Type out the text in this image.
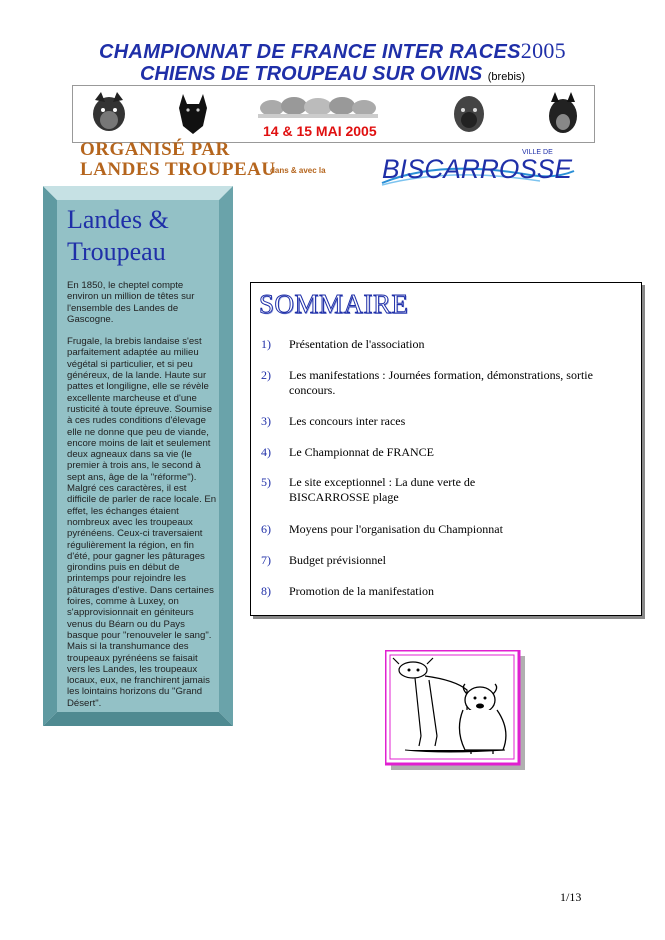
CHAMPIONNAT DE FRANCE INTER RACES2005
CHIENS DE TROUPEAU SUR OVINS (brebis)
14 & 15 MAI 2005
ORGANISÉ PAR
LANDES TROUPEAU
dans & avec la
VILLE DE
BISCARROSSE
Landes &
Troupeau

En 1850, le cheptel compte environ un million de têtes sur l'ensemble des Landes de Gascogne.

Frugale, la brebis landaise s'est parfaitement adaptée au milieu végétal si particulier, et si peu généreux, de la lande. Haute sur pattes et longiligne, elle se révèle excellente marcheuse et d'une rusticité à toute épreuve. Soumise à ces rudes conditions d'élevage elle ne donne que peu de viande, encore moins de lait et seulement deux agneaux dans sa vie (le premier à trois ans, le second à sept ans, âge de la "réforme"). Malgré ces caractères, il est difficile de parler de race locale. En effet, les échanges étaient nombreux avec les troupeaux pyrénéens. Ceux-ci traversaient régulièrement la région, en fin d'été, pour gagner les pâturages girondins puis en début de printemps pour rejoindre les pâturages d'estive. Dans certaines foires, comme à Luxey, on s'approvisionnait en géniteurs venus du Béarn ou du Pays basque pour "renouveler le sang".

Mais si la transhumance des troupeaux pyrénéens se faisait vers les Landes, les troupeaux locaux, eux, ne franchirent jamais les lointains horizons du "Grand Désert".

SOMMAIRE
1) Présentation de l'association
2) Les manifestations : Journées formation, démonstrations, sortie concours.
3) Les concours inter races
4) Le Championnat de FRANCE
5) Le site exceptionnel : La dune verte de BISCARROSSE plage
6) Moyens pour l'organisation du Championnat
7) Budget prévisionnel
8) Promotion de la manifestation
1/13
